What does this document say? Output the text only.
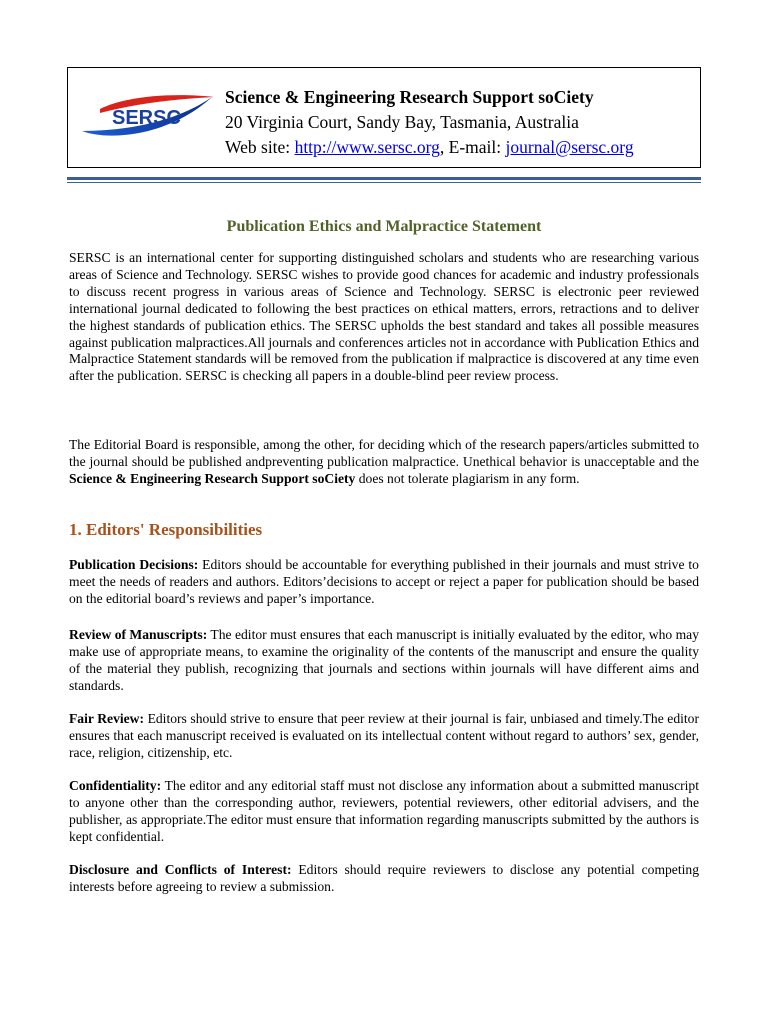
SERSC
Science & Engineering Research Support soCiety
20 Virginia Court, Sandy Bay, Tasmania, Australia
Web site: http://www.sersc.org, E-mail: journal@sersc.org
Publication Ethics and Malpractice Statement

SERSC is an international center for supporting distinguished scholars and students who are researching various areas of Science and Technology. SERSC wishes to provide good chances for academic and industry professionals to discuss recent progress in various areas of Science and Technology. SERSC is electronic peer reviewed international journal dedicated to following the best practices on ethical matters, errors, retractions and to deliver the highest standards of publication ethics. The SERSC upholds the best standard and takes all possible measures against publication malpractices.All journals and conferences articles not in accordance with Publication Ethics and Malpractice Statement standards will be removed from the publication if malpractice is discovered at any time even after the publication. SERSC is checking all papers in a double-blind peer review process.

The Editorial Board is responsible, among the other, for deciding which of the research papers/articles submitted to the journal should be published andpreventing publication malpractice. Unethical behavior is unacceptable and the Science & Engineering Research Support soCiety does not tolerate plagiarism in any form.

1. Editors' Responsibilities

Publication Decisions: Editors should be accountable for everything published in their journals and must strive to meet the needs of readers and authors. Editors’decisions to accept or reject a paper for publication should be based on the editorial board’s reviews and paper’s importance.

Review of Manuscripts: The editor must ensures that each manuscript is initially evaluated by the editor, who may make use of appropriate means, to examine the originality of the contents of the manuscript and ensure the quality of the material they publish, recognizing that journals and sections within journals will have different aims and standards.

Fair Review: Editors should strive to ensure that peer review at their journal is fair, unbiased and timely.The editor ensures that each manuscript received is evaluated on its intellectual content without regard to authors’ sex, gender, race, religion, citizenship, etc.

Confidentiality: The editor and any editorial staff must not disclose any information about a submitted manuscript to anyone other than the corresponding author, reviewers, potential reviewers, other editorial advisers, and the publisher, as appropriate.The editor must ensure that information regarding manuscripts submitted by the authors is kept confidential.

Disclosure and Conflicts of Interest: Editors should require reviewers to disclose any potential competing interests before agreeing to review a submission.
